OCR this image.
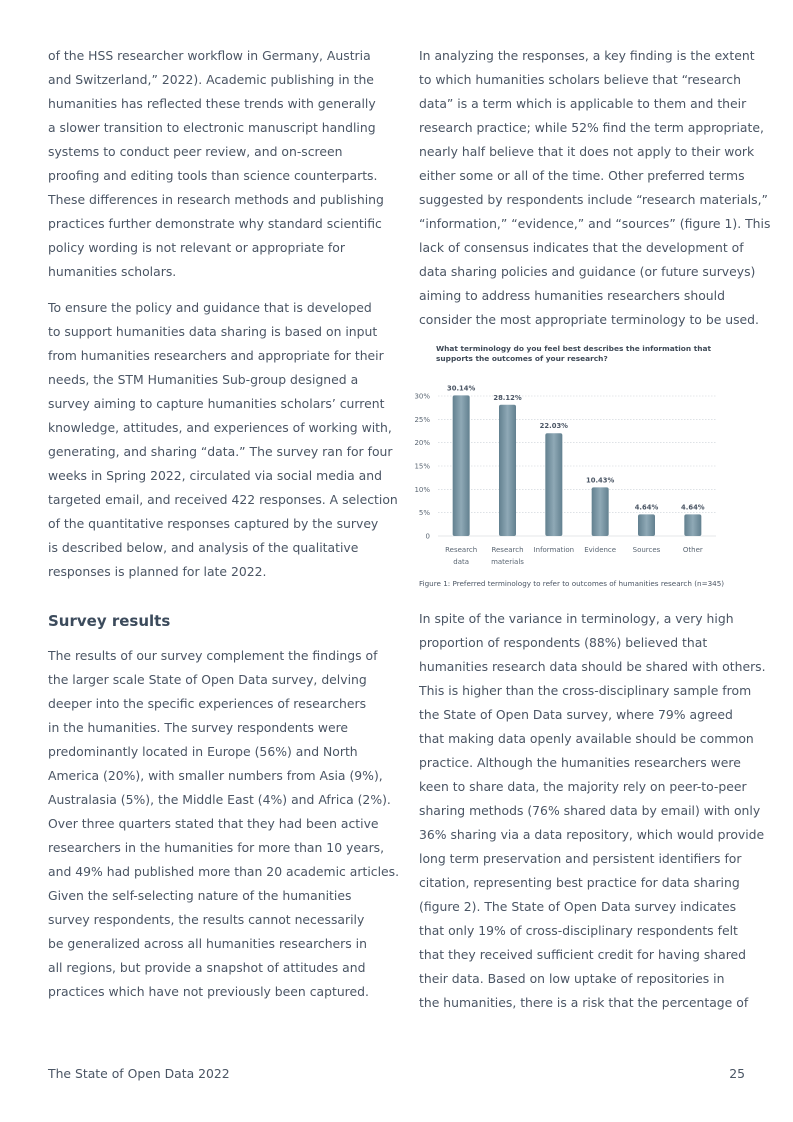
of the HSS researcher workflow in Germany, Austria
and Switzerland,” 2022). Academic publishing in the
humanities has reflected these trends with generally
a slower transition to electronic manuscript handling
systems to conduct peer review, and on-screen
proofing and editing tools than science counterparts.
These differences in research methods and publishing
practices further demonstrate why standard scientific
policy wording is not relevant or appropriate for
humanities scholars.

To ensure the policy and guidance that is developed
to support humanities data sharing is based on input
from humanities researchers and appropriate for their
needs, the STM Humanities Sub-group designed a
survey aiming to capture humanities scholars’ current
knowledge, attitudes, and experiences of working with,
generating, and sharing “data.” The survey ran for four
weeks in Spring 2022, circulated via social media and
targeted email, and received 422 responses. A selection
of the quantitative responses captured by the survey
is described below, and analysis of the qualitative
responses is planned for late 2022.

Survey results

The results of our survey complement the findings of
the larger scale State of Open Data survey, delving
deeper into the specific experiences of researchers
in the humanities. The survey respondents were
predominantly located in Europe (56%) and North
America (20%), with smaller numbers from Asia (9%),
Australasia (5%), the Middle East (4%) and Africa (2%).
Over three quarters stated that they had been active
researchers in the humanities for more than 10 years,
and 49% had published more than 20 academic articles.
Given the self-selecting nature of the humanities
survey respondents, the results cannot necessarily
be generalized across all humanities researchers in
all regions, but provide a snapshot of attitudes and
practices which have not previously been captured.

In analyzing the responses, a key finding is the extent
to which humanities scholars believe that “research
data” is a term which is applicable to them and their
research practice; while 52% find the term appropriate,
nearly half believe that it does not apply to their work
either some or all of the time. Other preferred terms
suggested by respondents include “research materials,”
“information,” “evidence,” and “sources” (figure 1). This
lack of consensus indicates that the development of
data sharing policies and guidance (or future surveys)
aiming to address humanities researchers should
consider the most appropriate terminology to be used.

In spite of the variance in terminology, a very high
proportion of respondents (88%) believed that
humanities research data should be shared with others.
This is higher than the cross-disciplinary sample from
the State of Open Data survey, where 79% agreed
that making data openly available should be common
practice. Although the humanities researchers were
keen to share data, the majority rely on peer-to-peer
sharing methods (76% shared data by email) with only
36% sharing via a data repository, which would provide
long term preservation and persistent identifiers for
citation, representing best practice for data sharing
(figure 2). The State of Open Data survey indicates
that only 19% of cross-disciplinary respondents felt
that they received sufficient credit for having shared
their data. Based on low uptake of repositories in
the humanities, there is a risk that the percentage of

What terminology do you feel best describes the information that supports the outcomes of your research?
0
5%
10%
15%
20%
25%
30%
30.14%
Research
data
28.12%
Research
materials
22.03%
Information
10.43%
Evidence
4.64%
Sources
4.64%
Other
Figure 1: Preferred terminology to refer to outcomes of humanities research (n=345)
The State of Open Data 2022	25
